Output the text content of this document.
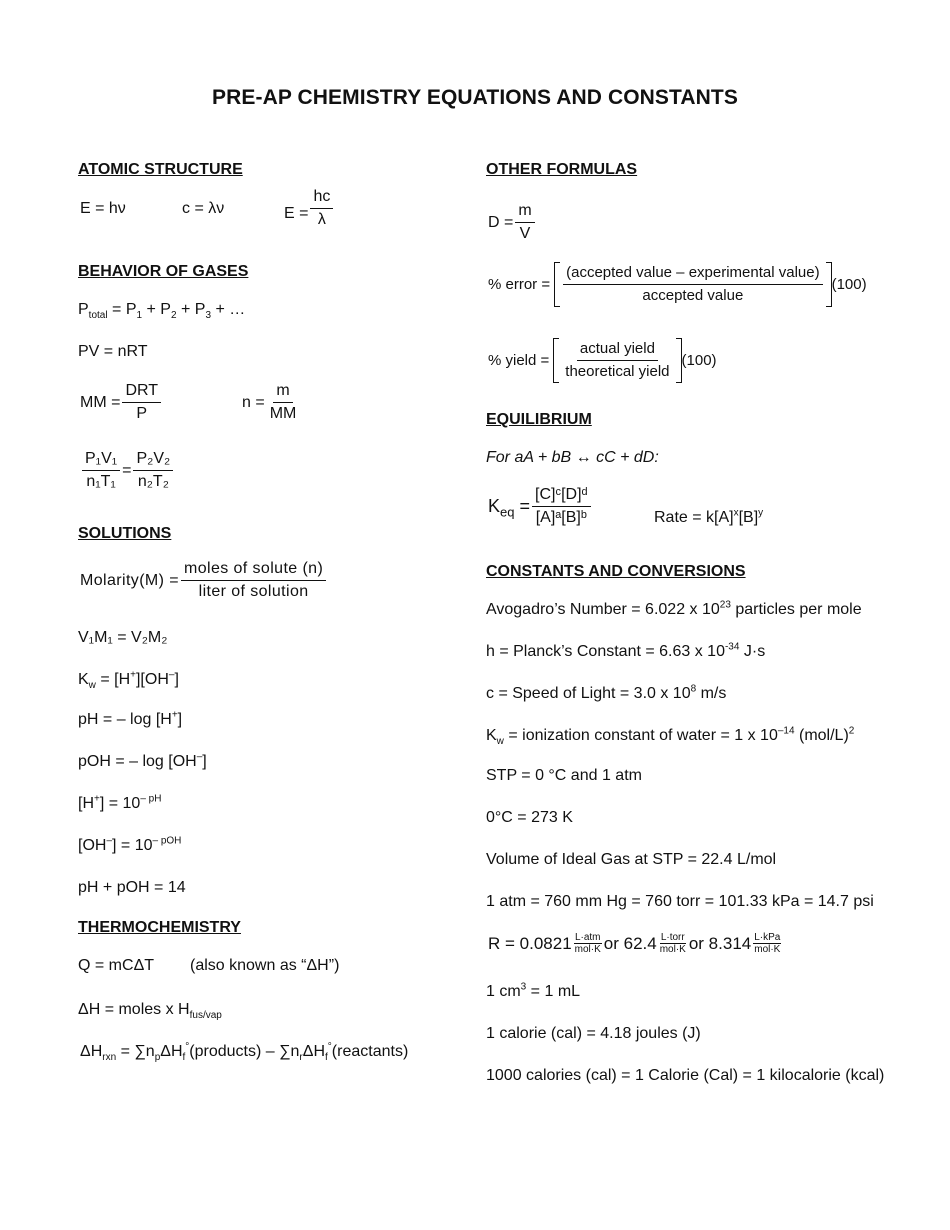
PRE-AP CHEMISTRY EQUATIONS AND CONSTANTS
ATOMIC STRUCTURE
E = hν	c = λν	$E = \frac{hc}{\lambda}$
BEHAVIOR OF GASES
$P_{total} = P_1 + P_2 + P_3$ + …
PV = nRT
MM = $\frac{\text{DRT}}{P}$	$n = \frac{m}{MM}$
$\frac{\text{P₁V₁}}{\text{n₁T₁}} = \frac{\text{P₂V₂}}{\text{n₂T₂}}$
SOLUTIONS
Molarity(M) = $\frac{\text{moles of solute (n)}}{\text{liter of solution}}$
V₁M₁ = V₂M₂
$K_w = [H^+][OH^-]$
pH = – log [H+]
pOH = – log [OH–]
$[H^+] = 10^{- pH}$
$[OH^-] = 10^{- pOH}$
pH + pOH = 14
THERMOCHEMISTRY
Q = mCΔT (also known as “ΔH”)
ΔH = moles x $H_{fus/vap}$
$\Delta H_{rxn}$ = $\sum n_p\Delta H_f^\circ(products)$ – $\sum n_r\Delta H_f^\circ(reactants)$
OTHER FORMULAS
$D = \frac{m}{V}$
% error = $\frac{\text{(accepted value – experimental value)}}{\text{accepted value}} (100)$
% yield = $\frac{\text{actual yield}}{\text{theoretical yield}} (100)$
EQUILIBRIUM
For aA + bB ↔ cC + dD:
$K_{eq} = \frac{\text{[C]ᶜ[D]ᵈ}}{\text{[A]ᵃ[B]ᵇ}}$	Rate = $k[A]^x[B]^y$
CONSTANTS AND CONVERSIONS
Avogadro’s Number = 6.022 x $10^{23}$ particles per mole
h = Planck’s Constant = 6.63 x $10^{-34}$ J·s
c = Speed of Light = 3.0 x $10^8$ m/s
$K_w$ = ionization constant of water = 1 x $10^{-14}$ $(mol/L)^2$
STP = 0 °C and 1 atm
0°C = 273 K
Volume of Ideal Gas at STP = 22.4 L/mol
1 atm = 760 mm Hg = 760 torr = 101.33 kPa = 14.7 psi
$R = 0.0821 \frac{\text{L·atm}}{\text{mol·K}}$ or $62.4 \frac{\text{L·torr}}{\text{mol·K}}$ or $8.314 \frac{\text{L·kPa}}{\text{mol·K}}$
1 $cm^3 = 1$ mL
1 calorie (cal) = 4.18 joules (J)
1000 calories (cal) = 1 Calorie (Cal) = 1 kilocalorie (kcal)
